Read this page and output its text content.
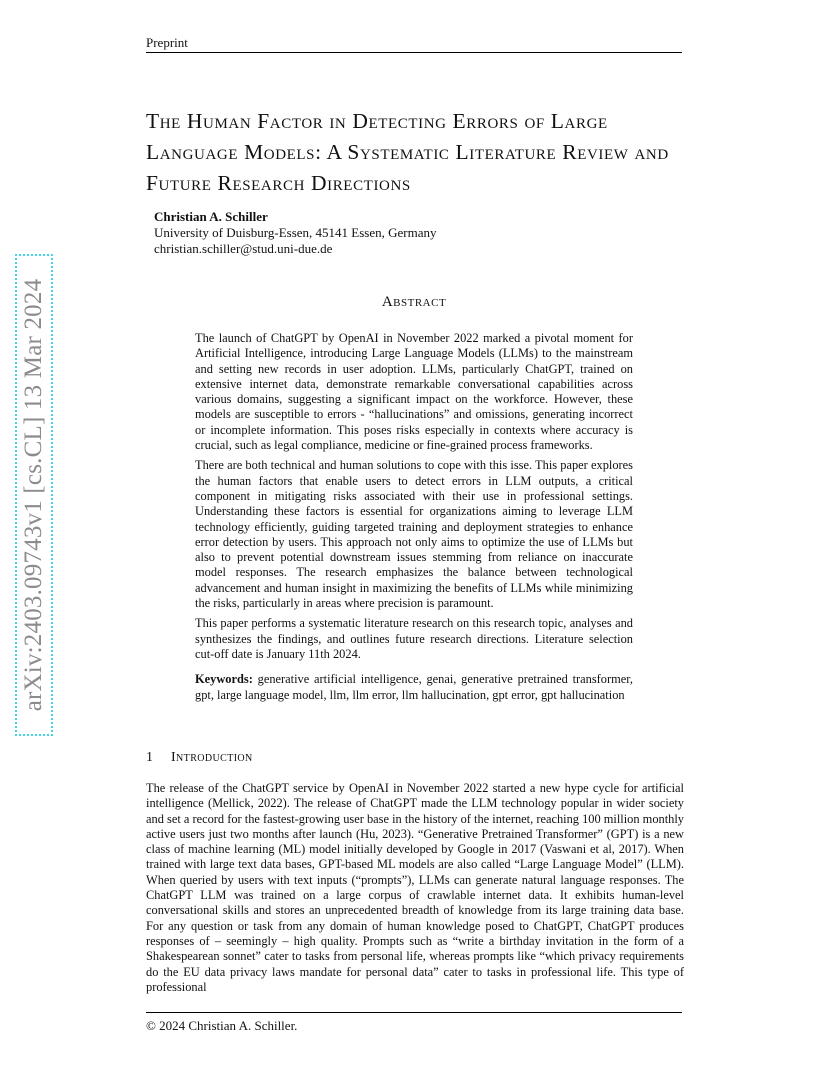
Preprint
The Human Factor in Detecting Errors of Large Language Models: A Systematic Literature Review and Future Research Directions
Christian A. Schiller
University of Duisburg-Essen, 45141 Essen, Germany
christian.schiller@stud.uni-due.de
arXiv:2403.09743v1 [cs.CL] 13 Mar 2024	Abstract

The launch of ChatGPT by OpenAI in November 2022 marked a pivotal moment for Artificial Intelligence, introducing Large Language Models (LLMs) to the mainstream and setting new records in user adoption. LLMs, particularly ChatGPT, trained on extensive internet data, demonstrate remarkable conversational capabilities across various domains, suggesting a significant impact on the workforce. However, these models are susceptible to errors - “hallucinations” and omissions, generating incorrect or incomplete information. This poses risks especially in contexts where accuracy is crucial, such as legal compliance, medicine or fine-grained process frameworks.

There are both technical and human solutions to cope with this isse. This paper explores the human factors that enable users to detect errors in LLM outputs, a critical component in mitigating risks associated with their use in professional settings. Understanding these factors is essential for organizations aiming to leverage LLM technology efficiently, guiding targeted training and deployment strategies to enhance error detection by users. This approach not only aims to optimize the use of LLMs but also to prevent potential downstream issues stemming from reliance on inaccurate model responses. The research emphasizes the balance between technological advancement and human insight in maximizing the benefits of LLMs while minimizing the risks, particularly in areas where precision is paramount.

This paper performs a systematic literature research on this research topic, analyses and synthesizes the findings, and outlines future research directions. Literature selection cut-off date is January 11th 2024.

Keywords: generative artificial intelligence, genai, generative pretrained transformer, gpt, large language model, llm, llm error, llm hallucination, gpt error, gpt hallucination
1 Introduction

The release of the ChatGPT service by OpenAI in November 2022 started a new hype cycle for artificial intelligence (Mellick, 2022). The release of ChatGPT made the LLM technology popular in wider society and set a record for the fastest-growing user base in the history of the internet, reaching 100 million monthly active users just two months after launch (Hu, 2023). “Generative Pretrained Transformer” (GPT) is a new class of machine learning (ML) model initially developed by Google in 2017 (Vaswani et al, 2017). When trained with large text data bases, GPT-based ML models are also called “Large Language Model” (LLM). When queried by users with text inputs (“prompts”), LLMs can generate natural language responses. The ChatGPT LLM was trained on a large corpus of crawlable internet data. It exhibits human-level conversational skills and stores an unprecedented breadth of knowledge from its large training data base. For any question or task from any domain of human knowledge posed to ChatGPT, ChatGPT produces responses of – seemingly – high quality. Prompts such as “write a birthday invitation in the form of a Shakespearean sonnet” cater to tasks from personal life, whereas prompts like “which privacy requirements do the EU data privacy laws mandate for personal data” cater to tasks in professional life. This type of professional

© 2024 Christian A. Schiller.
